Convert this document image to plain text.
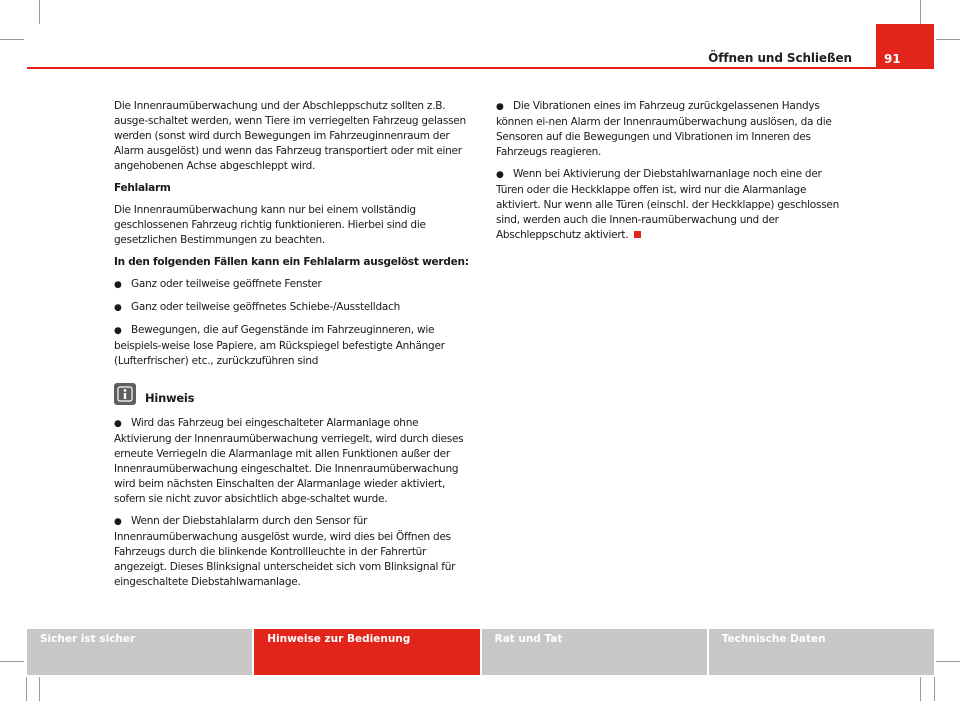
Öffnen und Schließen	91

Die Innenraumüberwachung und der Abschleppschutz sollten z.B. ausge-schaltet werden, wenn Tiere im verriegelten Fahrzeug gelassen werden (sonst wird durch Bewegungen im Fahrzeuginnenraum der Alarm ausgelöst) und wenn das Fahrzeug transportiert oder mit einer angehobenen Achse abgeschleppt wird.

Fehlalarm

Die Innenraumüberwachung kann nur bei einem vollständig geschlossenen Fahrzeug richtig funktionieren. Hierbei sind die gesetzlichen Bestimmungen zu beachten.

In den folgenden Fällen kann ein Fehlalarm ausgelöst werden:

● Ganz oder teilweise geöffnete Fenster

● Ganz oder teilweise geöffnetes Schiebe-/Ausstelldach

● Bewegungen, die auf Gegenstände im Fahrzeuginneren, wie beispiels-weise lose Papiere, am Rückspiegel befestigte Anhänger (Lufterfrischer) etc., zurückzuführen sind

Hinweis

● Wird das Fahrzeug bei eingeschalteter Alarmanlage ohne Aktivierung der Innenraumüberwachung verriegelt, wird durch dieses erneute Verriegeln die Alarmanlage mit allen Funktionen außer der Innenraumüberwachung eingeschaltet. Die Innenraumüberwachung wird beim nächsten Einschalten der Alarmanlage wieder aktiviert, sofern sie nicht zuvor absichtlich abge-schaltet wurde.

● Wenn der Diebstahlalarm durch den Sensor für Innenraumüberwachung ausgelöst wurde, wird dies bei Öffnen des Fahrzeugs durch die blinkende Kontrollleuchte in der Fahrertür angezeigt. Dieses Blinksignal unterscheidet sich vom Blinksignal für eingeschaltete Diebstahlwarnanlage.

● Die Vibrationen eines im Fahrzeug zurückgelassenen Handys können ei-nen Alarm der Innenraumüberwachung auslösen, da die Sensoren auf die Bewegungen und Vibrationen im Inneren des Fahrzeugs reagieren.

● Wenn bei Aktivierung der Diebstahlwarnanlage noch eine der Türen oder die Heckklappe offen ist, wird nur die Alarmanlage aktiviert. Nur wenn alle Türen (einschl. der Heckklappe) geschlossen sind, werden auch die Innen-raumüberwachung und der Abschleppschutz aktiviert.

Sicher ist sicher	Hinweise zur Bedienung	Rat und Tat	Technische Daten
